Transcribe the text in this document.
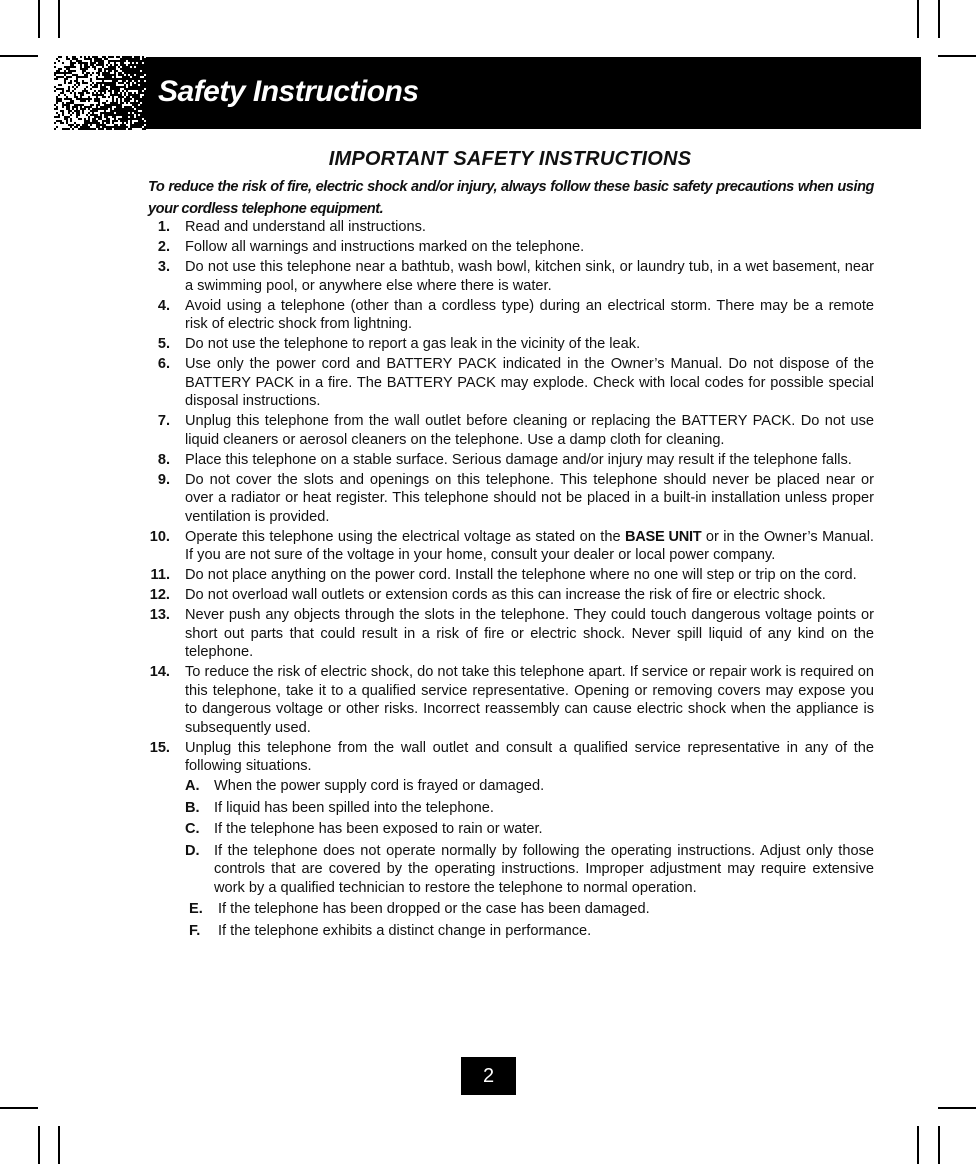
Safety Instructions
IMPORTANT SAFETY INSTRUCTIONS
To reduce the risk of fire, electric shock and/or injury, always follow these basic safety precautions when using your cordless telephone equipment.
1. Read and understand all instructions.
2. Follow all warnings and instructions marked on the telephone.
3. Do not use this telephone near a bathtub, wash bowl, kitchen sink, or laundry tub, in a wet basement, near a swimming pool, or anywhere else where there is water.
4. Avoid using a telephone (other than a cordless type) during an electrical storm. There may be a remote risk of electric shock from lightning.
5. Do not use the telephone to report a gas leak in the vicinity of the leak.
6. Use only the power cord and BATTERY PACK indicated in the Owner’s Manual. Do not dispose of the BATTERY PACK in a fire. The BATTERY PACK may explode. Check with local codes for possible special disposal instructions.
7. Unplug this telephone from the wall outlet before cleaning or replacing the BATTERY PACK. Do not use liquid cleaners or aerosol cleaners on the telephone. Use a damp cloth for cleaning.
8. Place this telephone on a stable surface. Serious damage and/or injury may result if the telephone falls.
9. Do not cover the slots and openings on this telephone. This telephone should never be placed near or over a radiator or heat register. This telephone should not be placed in a built-in installation unless proper ventilation is provided.
10. Operate this telephone using the electrical voltage as stated on the BASE UNIT or in the Owner’s Manual. If you are not sure of the voltage in your home, consult your dealer or local power company.
11. Do not place anything on the power cord. Install the telephone where no one will step or trip on the cord.
12. Do not overload wall outlets or extension cords as this can increase the risk of fire or electric shock.
13. Never push any objects through the slots in the telephone. They could touch dangerous voltage points or short out parts that could result in a risk of fire or electric shock. Never spill liquid of any kind on the telephone.
14. To reduce the risk of electric shock, do not take this telephone apart. If service or repair work is required on this telephone, take it to a qualified service representative. Opening or removing covers may expose you to dangerous voltage or other risks. Incorrect reassembly can cause electric shock when the appliance is subsequently used.
15. Unplug this telephone from the wall outlet and consult a qualified service representative in any of the following situations.
A. When the power supply cord is frayed or damaged.
B. If liquid has been spilled into the telephone.
C. If the telephone has been exposed to rain or water.
D. If the telephone does not operate normally by following the operating instructions. Adjust only those controls that are covered by the operating instructions. Improper adjustment may require extensive work by a qualified technician to restore the telephone to normal operation.
E.	If the telephone has been dropped or the case has been damaged.
F.	If the telephone exhibits a distinct change in performance.
2
